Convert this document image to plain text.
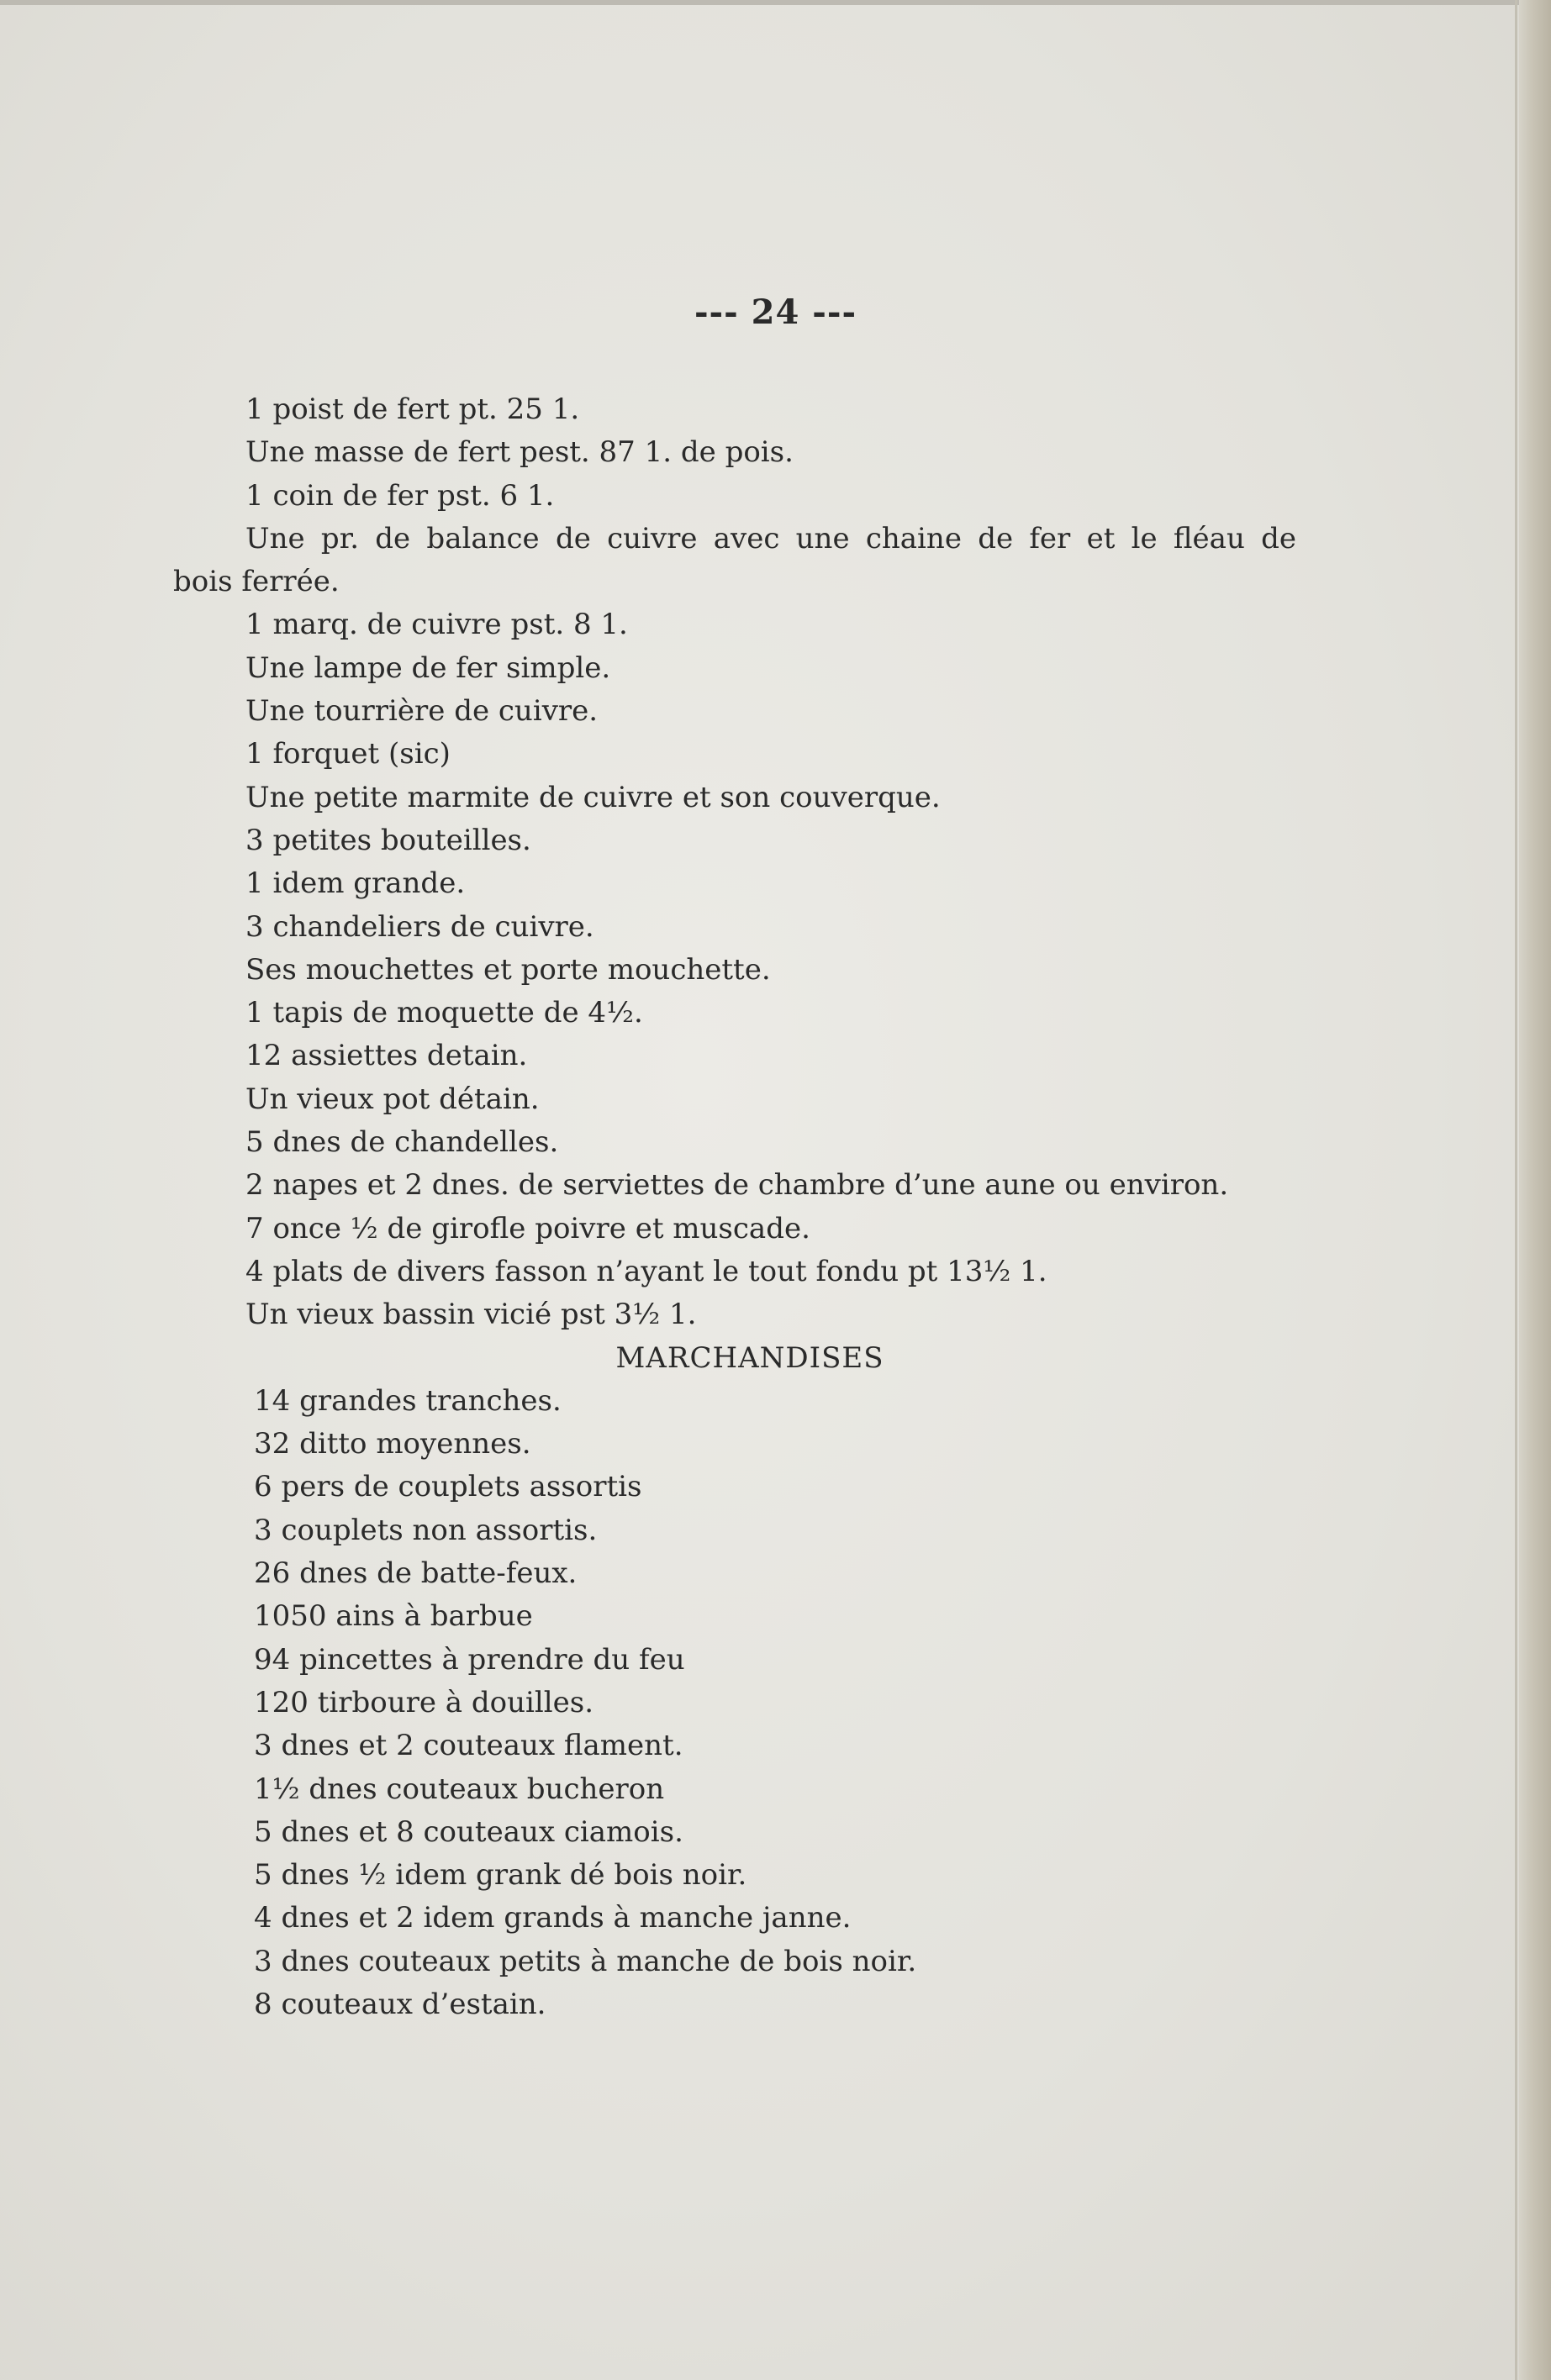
--- 24 ---
1 poist de fert pt. 25 1.
Une masse de fert pest. 87 1. de pois.
1 coin de fer pst. 6 1.
Une pr. de balance de cuivre avec une chaine de fer et le fléau de
bois ferrée.
1 marq. de cuivre pst. 8 1.
Une lampe de fer simple.
Une tourrière de cuivre.
1 forquet (sic)
Une petite marmite de cuivre et son couverque.
3 petites bouteilles.
1 idem grande.
3 chandeliers de cuivre.
Ses mouchettes et porte mouchette.
1 tapis de moquette de 4½.
12 assiettes detain.
Un vieux pot détain.
5 dnes de chandelles.
2 napes et 2 dnes. de serviettes de chambre d’une aune ou environ.
7 once ½ de girofle poivre et muscade.
4 plats de divers fasson n’ayant le tout fondu pt 13½ 1.
Un vieux bassin vicié pst 3½ 1.
MARCHANDISES
14 grandes tranches.
32 ditto moyennes.
6 pers de couplets assortis
3 couplets non assortis.
26 dnes de batte-feux.
1050 ains à barbue
94 pincettes à prendre du feu
120 tirboure à douilles.
3 dnes et 2 couteaux flament.
1½ dnes couteaux bucheron
5 dnes et 8 couteaux ciamois.
5 dnes ½ idem grank dé bois noir.
4 dnes et 2 idem grands à manche janne.
3 dnes couteaux petits à manche de bois noir.
8 couteaux d’estain.
